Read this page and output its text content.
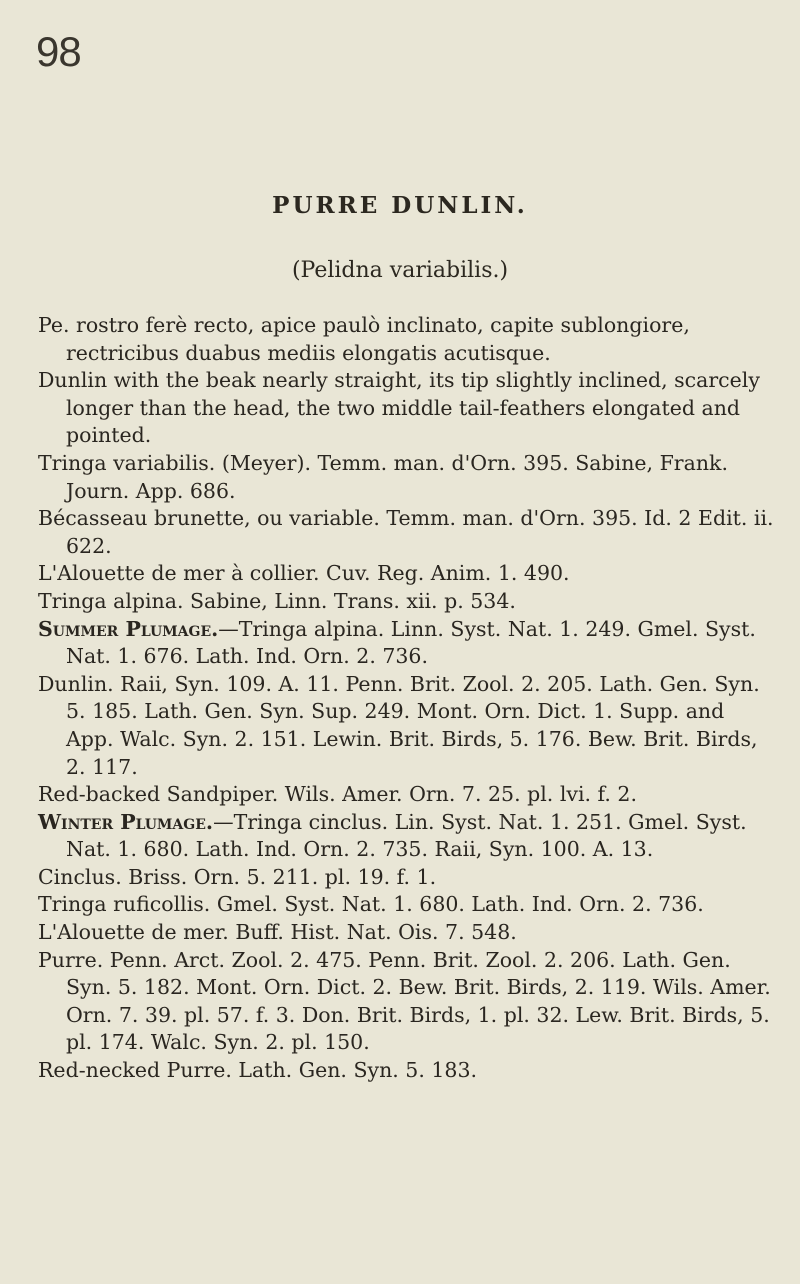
98
PURRE DUNLIN.
(Pelidna variabilis.)

Pe. rostro ferè recto, apice paulò inclinato, capite sublongiore, rectricibus duabus mediis elongatis acutisque.

Dunlin with the beak nearly straight, its tip slightly inclined, scarcely longer than the head, the two middle tail-feathers elongated and pointed.

Tringa variabilis. (Meyer). Temm. man. d'Orn. 395. Sabine, Frank. Journ. App. 686.

Bécasseau brunette, ou variable. Temm. man. d'Orn. 395. Id. 2 Edit. ii. 622.

L'Alouette de mer à collier. Cuv. Reg. Anim. 1. 490.

Tringa alpina. Sabine, Linn. Trans. xii. p. 534.

Summer Plumage.—Tringa alpina. Linn. Syst. Nat. 1. 249. Gmel. Syst. Nat. 1. 676. Lath. Ind. Orn. 2. 736.

Dunlin. Raii, Syn. 109. A. 11. Penn. Brit. Zool. 2. 205. Lath. Gen. Syn. 5. 185. Lath. Gen. Syn. Sup. 249. Mont. Orn. Dict. 1. Supp. and App. Walc. Syn. 2. 151. Lewin. Brit. Birds, 5. 176. Bew. Brit. Birds, 2. 117.

Red-backed Sandpiper. Wils. Amer. Orn. 7. 25. pl. lvi. f. 2.

Winter Plumage.—Tringa cinclus. Lin. Syst. Nat. 1. 251. Gmel. Syst. Nat. 1. 680. Lath. Ind. Orn. 2. 735. Raii, Syn. 100. A. 13.

Cinclus. Briss. Orn. 5. 211. pl. 19. f. 1.

Tringa ruficollis. Gmel. Syst. Nat. 1. 680. Lath. Ind. Orn. 2. 736.

L'Alouette de mer. Buff. Hist. Nat. Ois. 7. 548.

Purre. Penn. Arct. Zool. 2. 475. Penn. Brit. Zool. 2. 206. Lath. Gen. Syn. 5. 182. Mont. Orn. Dict. 2. Bew. Brit. Birds, 2. 119. Wils. Amer. Orn. 7. 39. pl. 57. f. 3. Don. Brit. Birds, 1. pl. 32. Lew. Brit. Birds, 5. pl. 174. Walc. Syn. 2. pl. 150.

Red-necked Purre. Lath. Gen. Syn. 5. 183.
